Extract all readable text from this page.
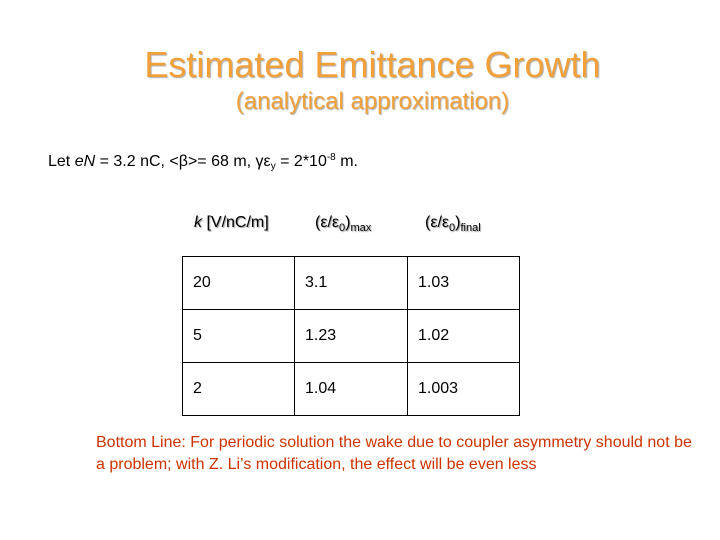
Estimated Emittance Growth
(analytical approximation)
Let eN = 3.2 nC, <β>= 68 m, $\gamma\varepsilon_y = 2*10^{-8}$ m.
k [V/nC/m]	$(\varepsilon/\varepsilon_0)_{max}$	$(\varepsilon/\varepsilon_0)_{final}$
20	3.1	1.03
5	1.23	1.02
2	1.04	1.003
Bottom Line: For periodic solution the wake due to coupler asymmetry should not be a problem; with Z. Li’s modification, the effect will be even less
